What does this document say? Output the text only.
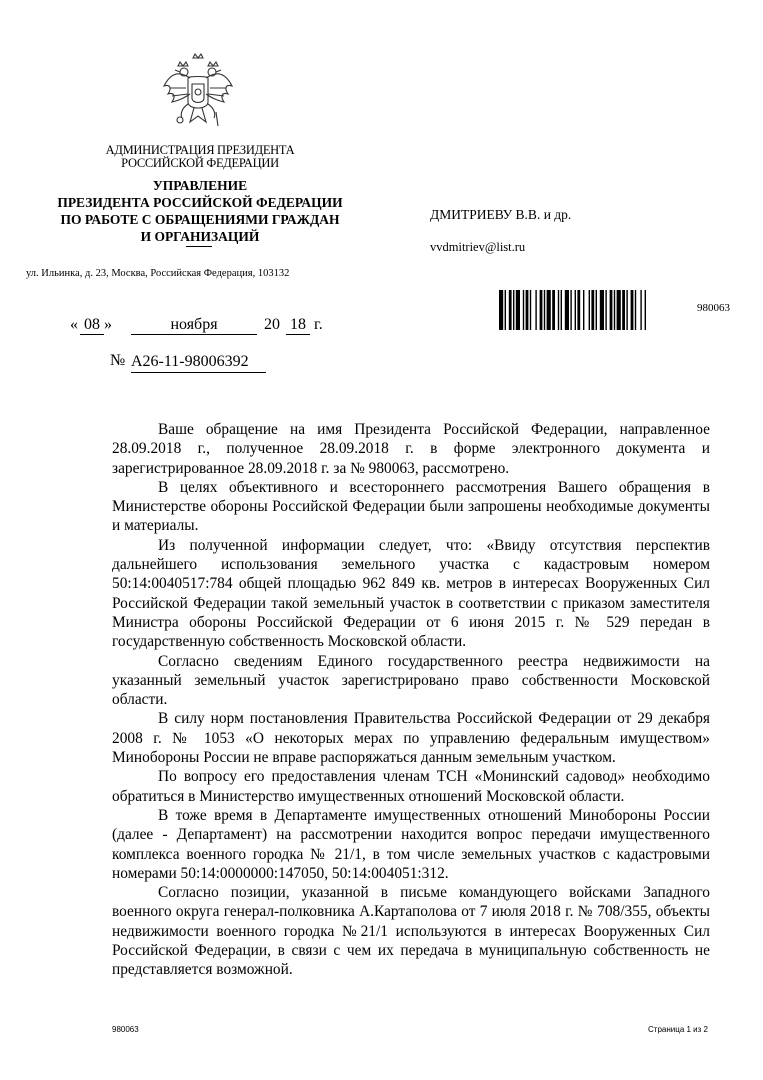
АДМИНИСТРАЦИЯ ПРЕЗИДЕНТА
РОССИЙСКОЙ ФЕДЕРАЦИИ
УПРАВЛЕНИЕ
ПРЕЗИДЕНТА РОССИЙСКОЙ ФЕДЕРАЦИИ
ПО РАБОТЕ С ОБРАЩЕНИЯМИ ГРАЖДАН
И ОРГАНИЗАЦИЙ
ул. Ильинка, д. 23, Москва, Российская Федерация, 103132
ДМИТРИЕВУ В.В. и др.
vvdmitriev@list.ru
980063
« 08 »	ноября	20 18 г.
№ А26-11-98006392

Ваше обращение на имя Президента Российской Федерации, направленное 28.09.2018 г., полученное 28.09.2018 г. в форме электронного документа и зарегистрированное 28.09.2018 г. за № 980063, рассмотрено.

В целях объективного и всестороннего рассмотрения Вашего обращения в Министерстве обороны Российской Федерации были запрошены необходимые документы и материалы.

Из полученной информации следует, что: «Ввиду отсутствия перспектив дальнейшего использования земельного участка с кадастровым номером 50:14:0040517:784 общей площадью 962 849 кв. метров в интересах Вооруженных Сил Российской Федерации такой земельный участок в соответствии с приказом заместителя Министра обороны Российской Федерации от 6 июня 2015 г. № 529 передан в государственную собственность Московской области.

Согласно сведениям Единого государственного реестра недвижимости на указанный земельный участок зарегистрировано право собственности Московской области.

В силу норм постановления Правительства Российской Федерации от 29 декабря 2008 г. № 1053 «О некоторых мерах по управлению федеральным имуществом» Минобороны России не вправе распоряжаться данным земельным участком.

По вопросу его предоставления членам ТСН «Монинский садовод» необходимо обратиться в Министерство имущественных отношений Московской области.

В тоже время в Департаменте имущественных отношений Минобороны России (далее - Департамент) на рассмотрении находится вопрос передачи имущественного комплекса военного городка № 21/1, в том числе земельных участков с кадастровыми номерами 50:14:0000000:147050, 50:14:004051:312.

Согласно позиции, указанной в письме командующего войсками Западного военного округа генерал-полковника А.Картаполова от 7 июля 2018 г. № 708/355, объекты недвижимости военного городка №21/1 используются в интересах Вооруженных Сил Российской Федерации, в связи с чем их передача в муниципальную собственность не представляется возможной.

980063	Страница 1 из 2
